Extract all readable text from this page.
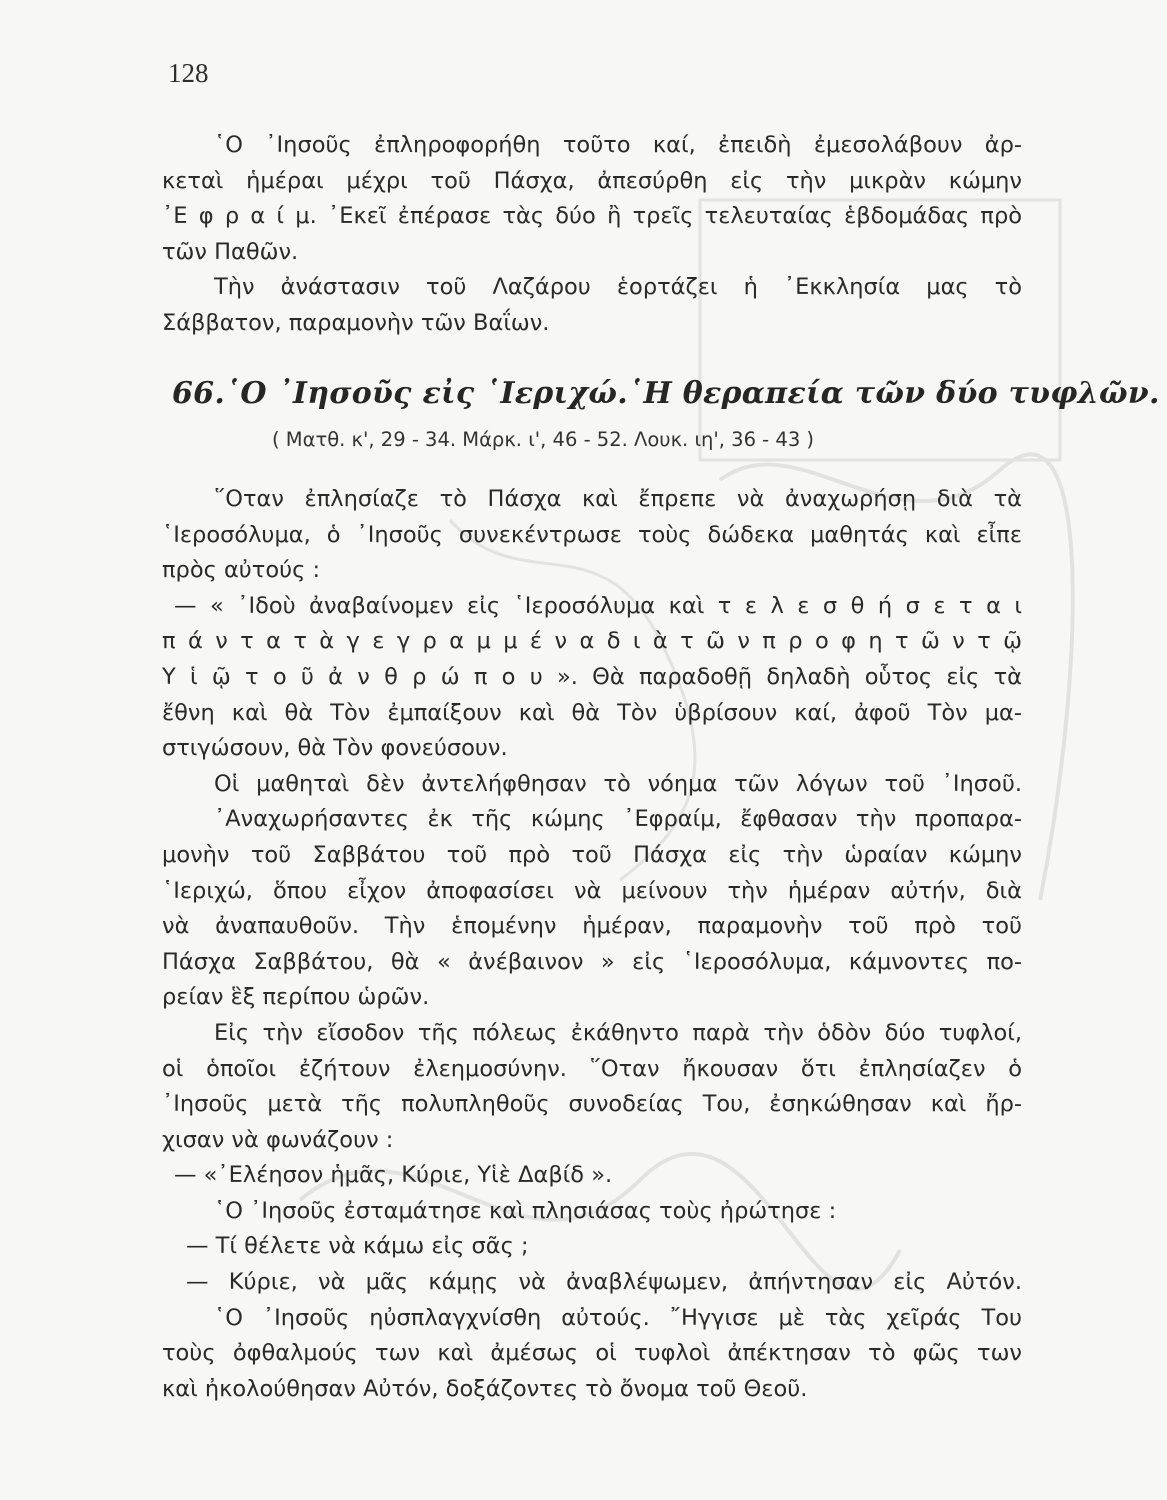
128
῾Ο ᾿Ιησοῦς ἐπληροφορήθη τοῦτο καί, ἐπειδὴ ἐμεσολάβουν ἀρ-
κεταὶ ἡμέραι μέχρι τοῦ Πάσχα, ἀπεσύρθη εἰς τὴν μικρὰν κώμην
᾿Ε φ ρ α ί μ. ᾿Εκεῖ ἐπέρασε τὰς δύο ἢ τρεῖς τελευταίας ἑβδομάδας πρὸ
τῶν Παθῶν.
Τὴν ἀνάστασιν τοῦ Λαζάρου ἑορτάζει ἡ ᾿Εκκλησία μας τὸ
Σάββατον, παραμονὴν τῶν Βαΐων.
66.῾Ο ᾿Ιησοῦς εἰς ῾Ιεριχώ.῾Η θεραπεία τῶν δύο τυφλῶν.
( Ματθ. κ', 29 - 34. Μάρκ. ι', 46 - 52. Λουκ. ιη', 36 - 43 )
῞Οταν ἐπλησίαζε τὸ Πάσχα καὶ ἔπρεπε νὰ ἀναχωρήσῃ διὰ τὰ
῾Ιεροσόλυμα, ὁ ᾿Ιησοῦς συνεκέντρωσε τοὺς δώδεκα μαθητάς καὶ εἶπε
πρὸς αὐτούς :
— « ᾿Ιδοὺ ἀναβαίνομεν εἰς ῾Ιεροσόλυμα καὶ τ ε λ ε σ θ ή σ ε τ α ι
π ά ν τ α τ ὰ γ ε γ ρ α μ μ έ ν α δ ι ὰ τ ῶ ν π ρ ο φ η τ ῶ ν τ ῷ
Υ ἱ ῷ τ ο ῦ ἀ ν θ ρ ώ π ο υ ». Θὰ παραδοθῇ δηλαδὴ οὗτος εἰς τὰ
ἔθνη καὶ θὰ Τὸν ἐμπαίξουν καὶ θὰ Τὸν ὑβρίσουν καί, ἀφοῦ Τὸν μα-
στιγώσουν, θὰ Τὸν φονεύσουν.
Οἱ μαθηταὶ δὲν ἀντελήφθησαν τὸ νόημα τῶν λόγων τοῦ ᾿Ιησοῦ.
᾿Αναχωρήσαντες ἐκ τῆς κώμης ᾿Εφραίμ, ἔφθασαν τὴν προπαρα-
μονὴν τοῦ Σαββάτου τοῦ πρὸ τοῦ Πάσχα εἰς τὴν ὡραίαν κώμην
῾Ιεριχώ, ὅπου εἶχον ἀποφασίσει νὰ μείνουν τὴν ἡμέραν αὐτήν, διὰ
νὰ ἀναπαυθοῦν. Τὴν ἑπομένην ἡμέραν, παραμονὴν τοῦ πρὸ τοῦ
Πάσχα Σαββάτου, θὰ « ἀνέβαινον » εἰς ῾Ιεροσόλυμα, κάμνοντες πο-
ρείαν ἓξ περίπου ὡρῶν.
Εἰς τὴν εἴσοδον τῆς πόλεως ἐκάθηντο παρὰ τὴν ὁδὸν δύο τυφλοί,
οἱ ὁποῖοι ἐζήτουν ἐλεημοσύνην. ῞Οταν ἤκουσαν ὅτι ἐπλησίαζεν ὁ
᾿Ιησοῦς μετὰ τῆς πολυπληθοῦς συνοδείας Του, ἐσηκώθησαν καὶ ἤρ-
χισαν νὰ φωνάζουν :
— «᾿Ελέησον ἡμᾶς, Κύριε, Υἱὲ Δαβίδ ».
῾Ο ᾿Ιησοῦς ἐσταμάτησε καὶ πλησιάσας τοὺς ἠρώτησε :
— Τί θέλετε νὰ κάμω εἰς σᾶς ;
— Κύριε, νὰ μᾶς κάμῃς νὰ ἀναβλέψωμεν, ἀπήντησαν εἰς Αὐτόν.
῾Ο ᾿Ιησοῦς ηὐσπλαγχνίσθη αὐτούς. ῎Ηγγισε μὲ τὰς χεῖράς Του
τοὺς ὀφθαλμούς των καὶ ἀμέσως οἱ τυφλοὶ ἀπέκτησαν τὸ φῶς των
καὶ ἠκολούθησαν Αὐτόν, δοξάζοντες τὸ ὄνομα τοῦ Θεοῦ.
